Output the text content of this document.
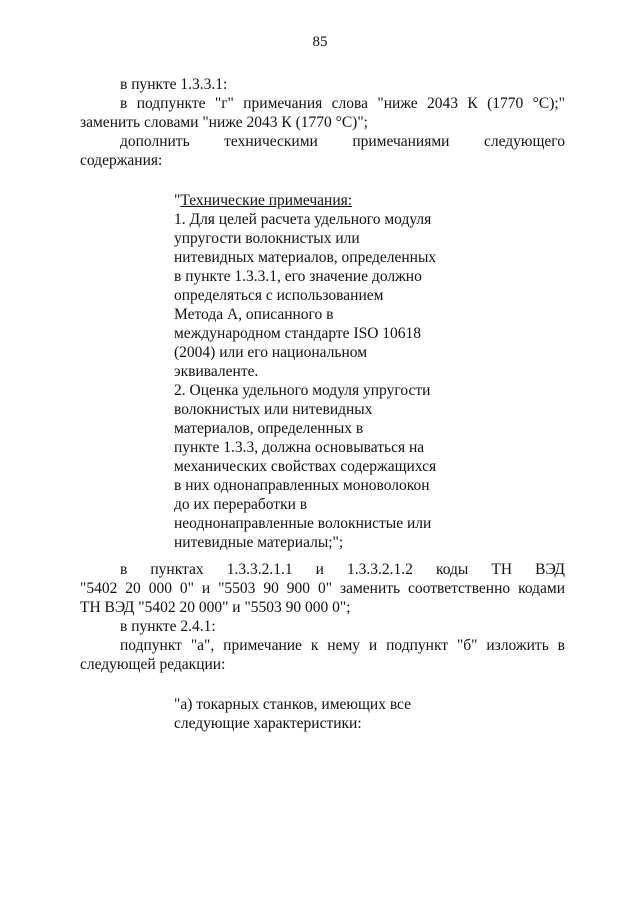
85

в пункте 1.3.3.1:

в подпункте "г" примечания слова "ниже 2043 К (1770 °С);"

заменить словами "ниже 2043 К (1770 °С)";

дополнить техническими примечаниями следующего

содержания:

"Технические примечания:
1. Для целей расчета удельного модуля
упругости волокнистых или
нитевидных материалов, определенных
в пункте 1.3.3.1, его значение должно
определяться с использованием
Метода А, описанного в
международном стандарте ISO 10618
(2004) или его национальном
эквиваленте.
2. Оценка удельного модуля упругости
волокнистых или нитевидных
материалов, определенных в
пункте 1.3.3, должна основываться на
механических свойствах содержащихся
в них однонаправленных моноволокон
до их переработки в
неоднонаправленные волокнистые или
нитевидные материалы;";

в пунктах 1.3.3.2.1.1 и 1.3.3.2.1.2 коды ТН ВЭД

"5402 20 000 0" и "5503 90 900 0" заменить соответственно кодами

ТН ВЭД "5402 20 000" и "5503 90 000 0";

в пункте 2.4.1:

подпункт "а", примечание к нему и подпункт "б" изложить в

следующей редакции:

"а) токарных станков, имеющих все
следующие характеристики:
